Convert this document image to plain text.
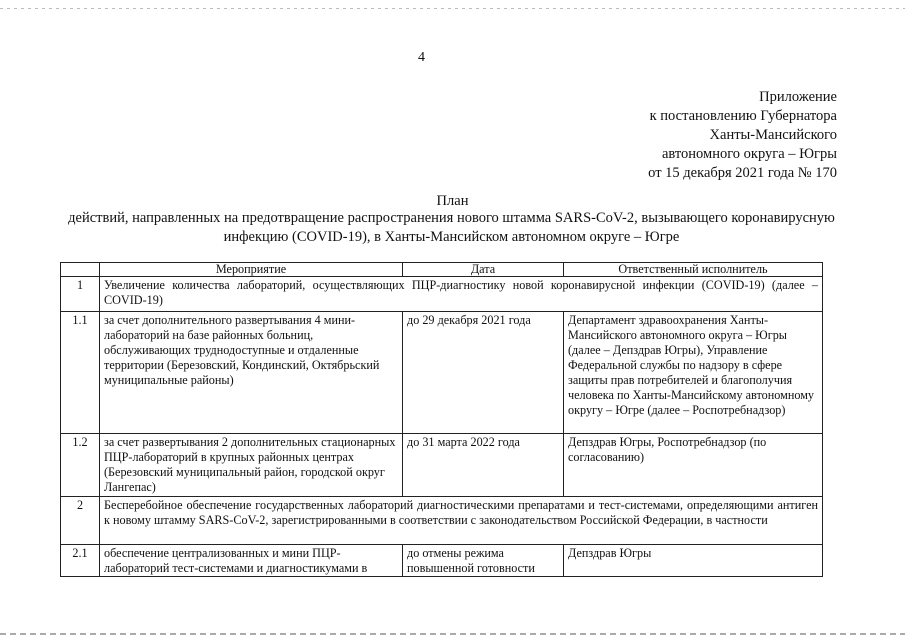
4
Приложение
к постановлению Губернатора
Ханты-Мансийского
автономного округа – Югры
от 15 декабря 2021 года № 170
План
действий, направленных на предотвращение распространения нового штамма SARS-CoV-2, вызывающего коронавирусную инфекцию (COVID-19), в Ханты-Мансийском автономном округе – Югре
	Мероприятие	Дата	Ответственный исполнитель
1	Увеличение количества лабораторий, осуществляющих ПЦР-диагностику новой коронавирусной инфекции (COVID-19) (далее – COVID-19)		
1.1	за счет дополнительного развертывания 4 мини-лабораторий на базе районных больниц, обслуживающих труднодоступные и отдаленные территории (Березовский, Кондинский, Октябрьский муниципальные районы)	до 29 декабря 2021 года	Департамент здравоохранения Ханты-Мансийского автономного округа – Югры (далее – Депздрав Югры), Управление Федеральной службы по надзору в сфере защиты прав потребителей и благополучия человека по Ханты-Мансийскому автономному округу – Югре (далее – Роспотребнадзор)
1.2	за счет развертывания 2 дополнительных стационарных ПЦР-лабораторий в крупных районных центрах (Березовский муниципальный район, городской округ Лангепас)	до 31 марта 2022 года	Депздрав Югры, Роспотребнадзор (по согласованию)
2	Бесперебойное обеспечение государственных лабораторий диагностическими препаратами и тест-системами, определяющими антиген к новому штамму SARS-CoV-2, зарегистрированными в соответствии с законодательством Российской Федерации, в частности		
2.1	обеспечение централизованных и мини ПЦР-лабораторий тест-системами и диагностикумами в	до отмены режима повышенной готовности	Депздрав Югры
